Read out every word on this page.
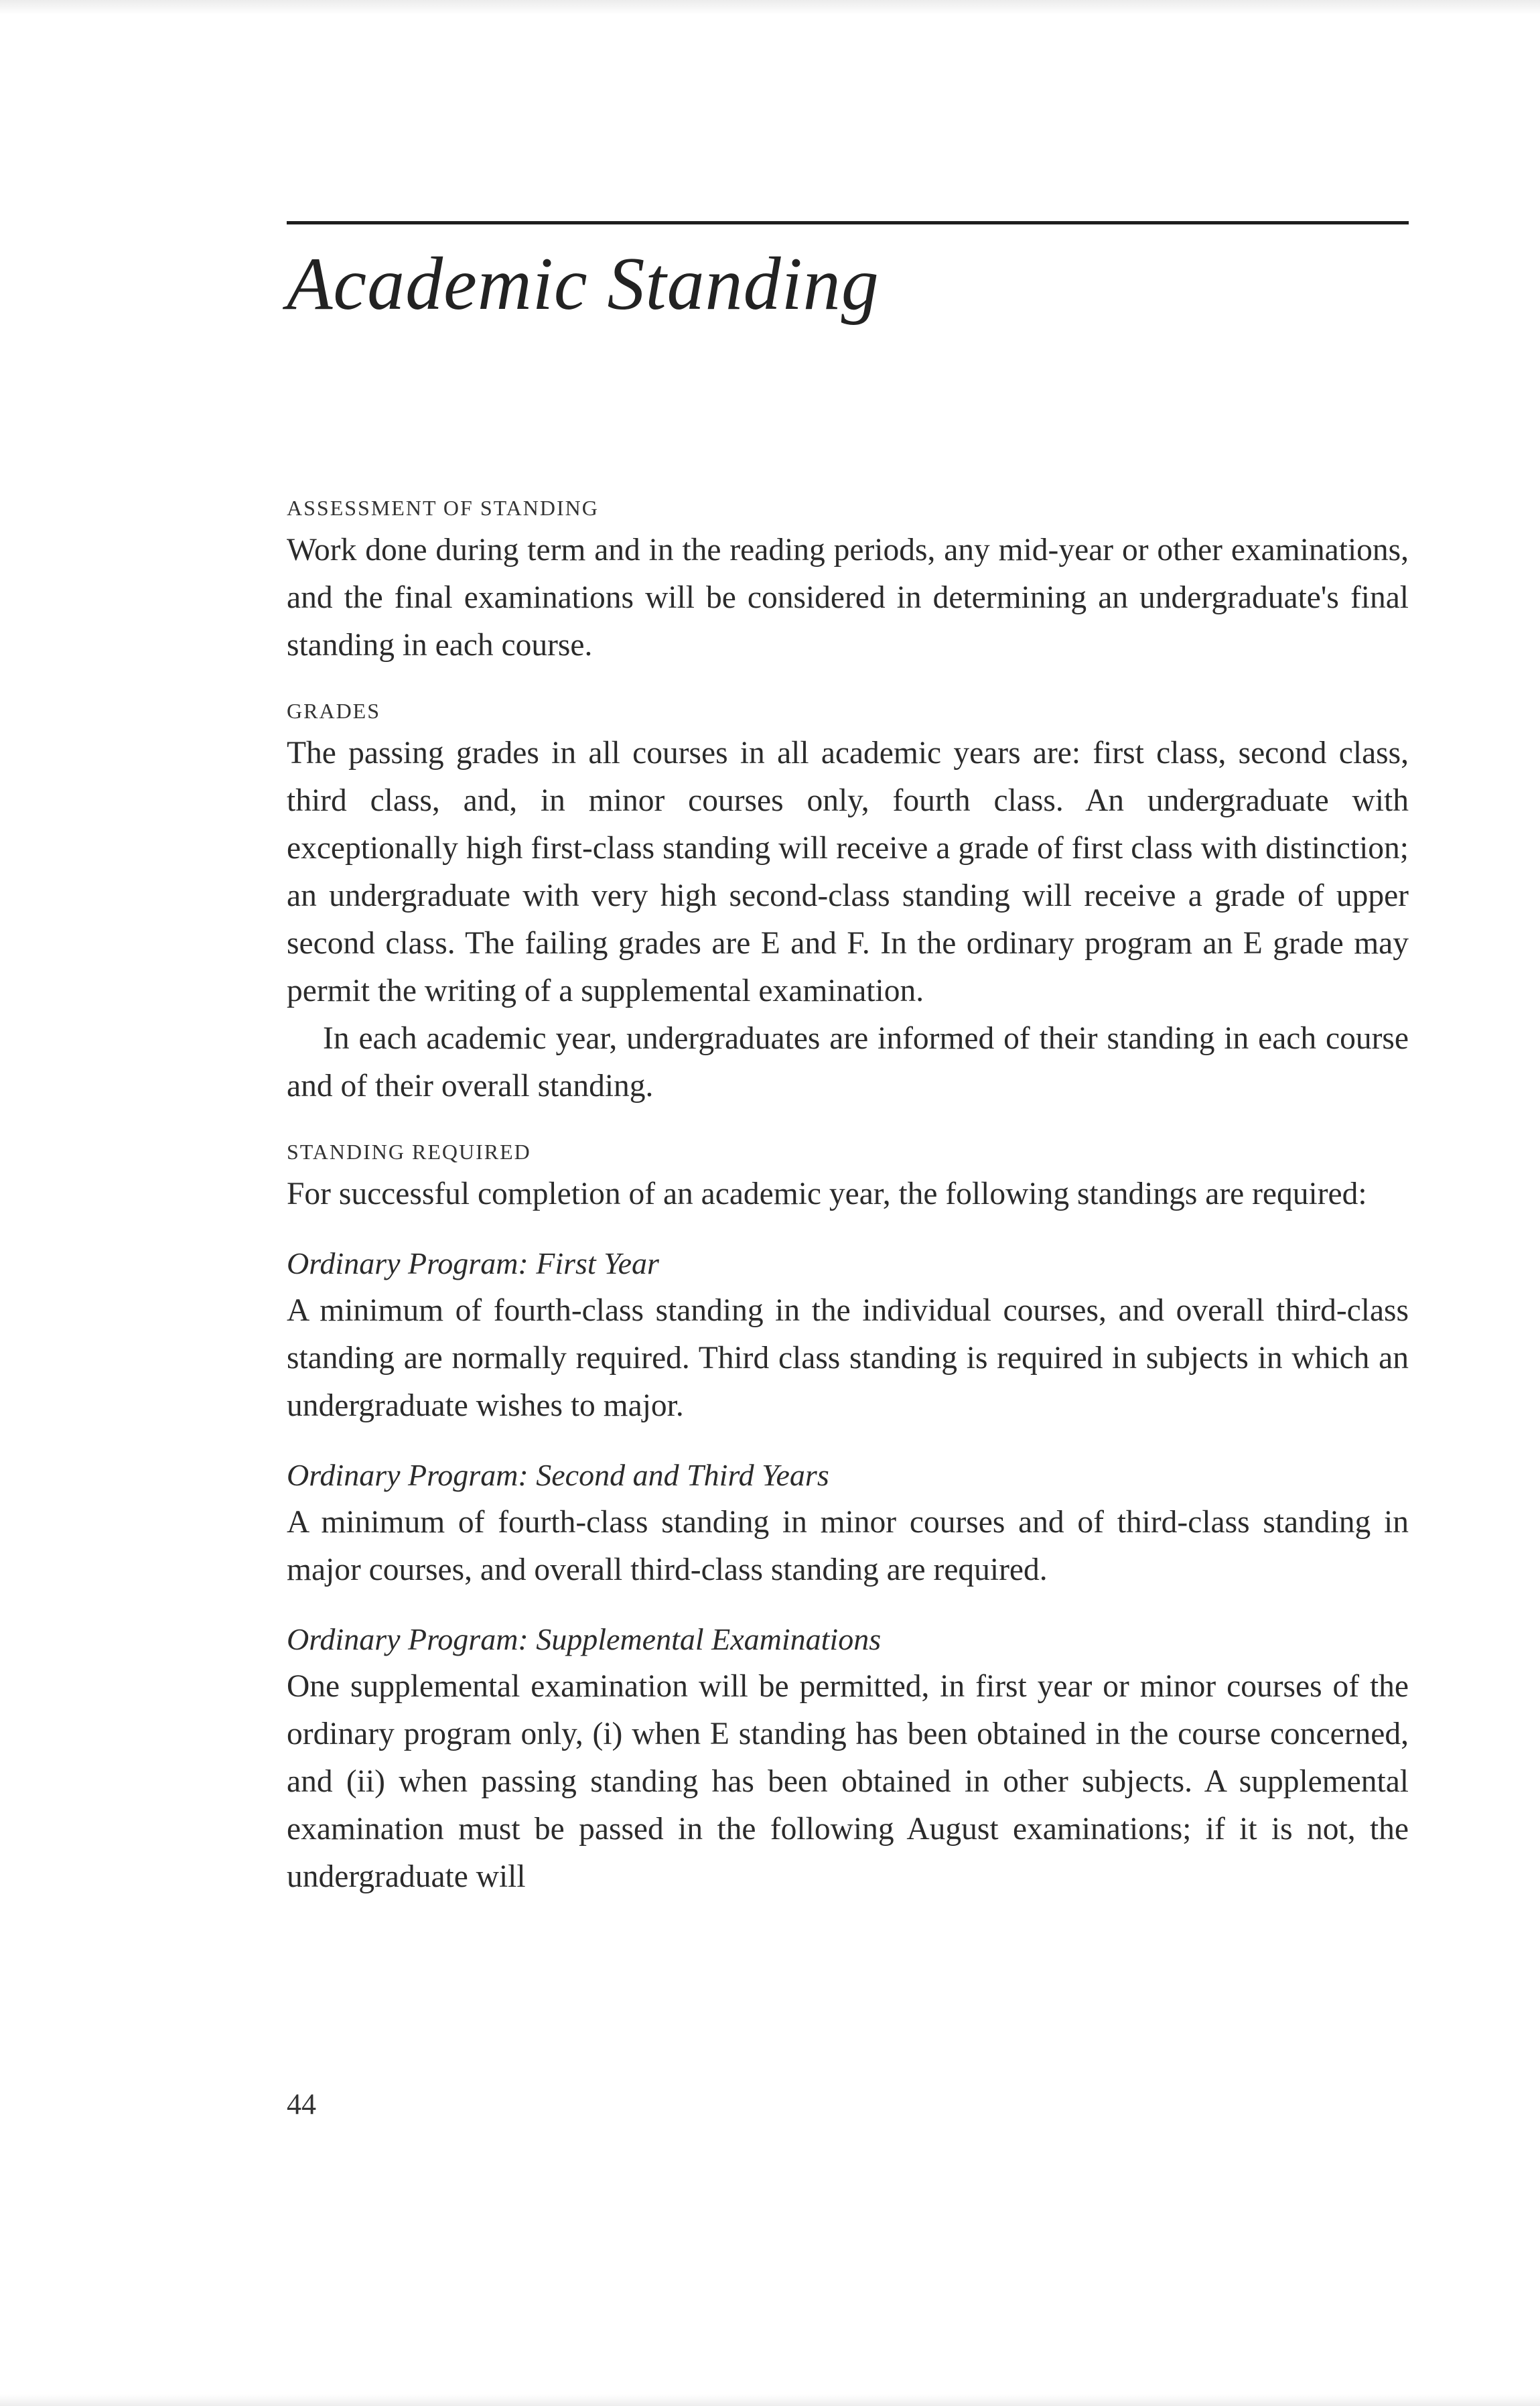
Academic Standing

ASSESSMENT OF STANDING

Work done during term and in the reading periods, any mid-year or other examinations, and the final examinations will be considered in determining an undergraduate's final standing in each course.

GRADES

The passing grades in all courses in all academic years are: first class, second class, third class, and, in minor courses only, fourth class. An undergraduate with exceptionally high first-class standing will receive a grade of first class with distinction; an undergraduate with very high second-class standing will receive a grade of upper second class. The failing grades are E and F. In the ordinary program an E grade may permit the writing of a supplemental examination.

In each academic year, undergraduates are informed of their standing in each course and of their overall standing.

STANDING REQUIRED

For successful completion of an academic year, the following standings are required:

Ordinary Program: First Year

A minimum of fourth-class standing in the individual courses, and overall third-class standing are normally required. Third class standing is required in subjects in which an undergraduate wishes to major.

Ordinary Program: Second and Third Years

A minimum of fourth-class standing in minor courses and of third-class standing in major courses, and overall third-class standing are required.

Ordinary Program: Supplemental Examinations

One supplemental examination will be permitted, in first year or minor courses of the ordinary program only, (i) when E standing has been obtained in the course concerned, and (ii) when passing standing has been obtained in other subjects. A supplemental examination must be passed in the following August examinations; if it is not, the undergraduate will

44
